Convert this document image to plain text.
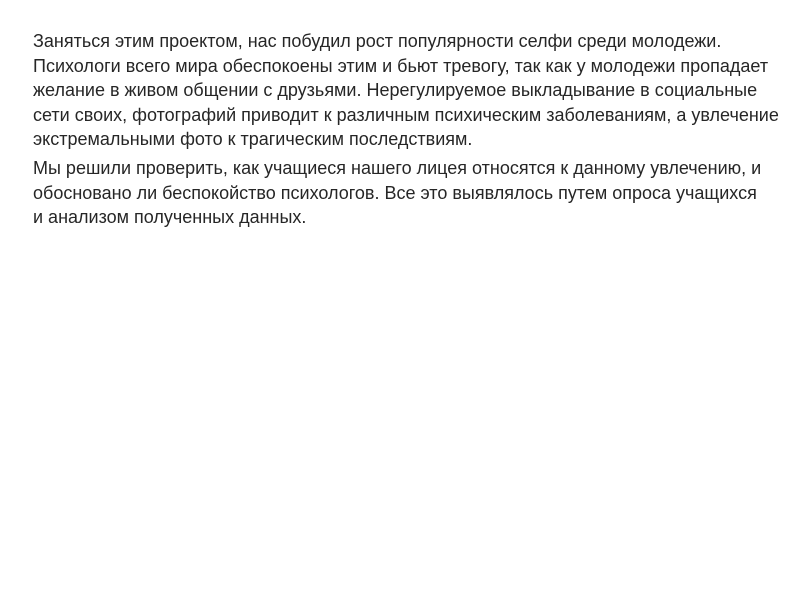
Заняться этим проектом, нас побудил рост популярности селфи среди молодежи.
Психологи всего мира обеспокоены этим и бьют тревогу, так как у молодежи пропадает желание в живом общении с друзьями. Нерегулируемое выкладывание в социальные сети своих, фотографий приводит к различным психическим заболеваниям, а увлечение экстремальными фото к трагическим последствиям.

Мы решили проверить, как учащиеся нашего лицея относятся к данному увлечению, и обосновано ли беспокойство психологов. Все это выявлялось путем опроса учащихся и анализом полученных данных.
